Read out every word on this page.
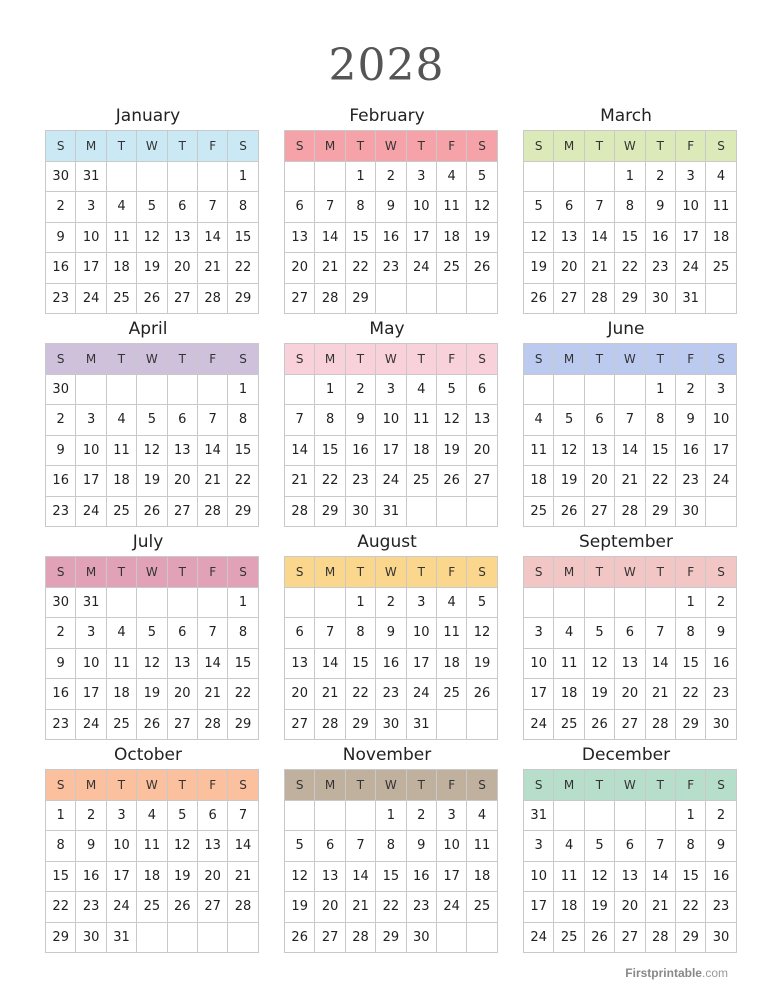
2028
January
S	M	T	W	T	F	S
30	31					1
2	3	4	5	6	7	8
9	10	11	12	13	14	15
16	17	18	19	20	21	22
23	24	25	26	27	28	29
February
S	M	T	W	T	F	S
		1	2	3	4	5
6	7	8	9	10	11	12
13	14	15	16	17	18	19
20	21	22	23	24	25	26
27	28	29				
March
S	M	T	W	T	F	S
			1	2	3	4
5	6	7	8	9	10	11
12	13	14	15	16	17	18
19	20	21	22	23	24	25
26	27	28	29	30	31	
April
S	M	T	W	T	F	S
30						1
2	3	4	5	6	7	8
9	10	11	12	13	14	15
16	17	18	19	20	21	22
23	24	25	26	27	28	29
May
S	M	T	W	T	F	S
	1	2	3	4	5	6
7	8	9	10	11	12	13
14	15	16	17	18	19	20
21	22	23	24	25	26	27
28	29	30	31			
June
S	M	T	W	T	F	S
				1	2	3
4	5	6	7	8	9	10
11	12	13	14	15	16	17
18	19	20	21	22	23	24
25	26	27	28	29	30	
July
S	M	T	W	T	F	S
30	31					1
2	3	4	5	6	7	8
9	10	11	12	13	14	15
16	17	18	19	20	21	22
23	24	25	26	27	28	29
August
S	M	T	W	T	F	S
		1	2	3	4	5
6	7	8	9	10	11	12
13	14	15	16	17	18	19
20	21	22	23	24	25	26
27	28	29	30	31		
September
S	M	T	W	T	F	S
					1	2
3	4	5	6	7	8	9
10	11	12	13	14	15	16
17	18	19	20	21	22	23
24	25	26	27	28	29	30
October
S	M	T	W	T	F	S
1	2	3	4	5	6	7
8	9	10	11	12	13	14
15	16	17	18	19	20	21
22	23	24	25	26	27	28
29	30	31				
November
S	M	T	W	T	F	S
			1	2	3	4
5	6	7	8	9	10	11
12	13	14	15	16	17	18
19	20	21	22	23	24	25
26	27	28	29	30		
December
S	M	T	W	T	F	S
31					1	2
3	4	5	6	7	8	9
10	11	12	13	14	15	16
17	18	19	20	21	22	23
24	25	26	27	28	29	30
Firstprintable.com
